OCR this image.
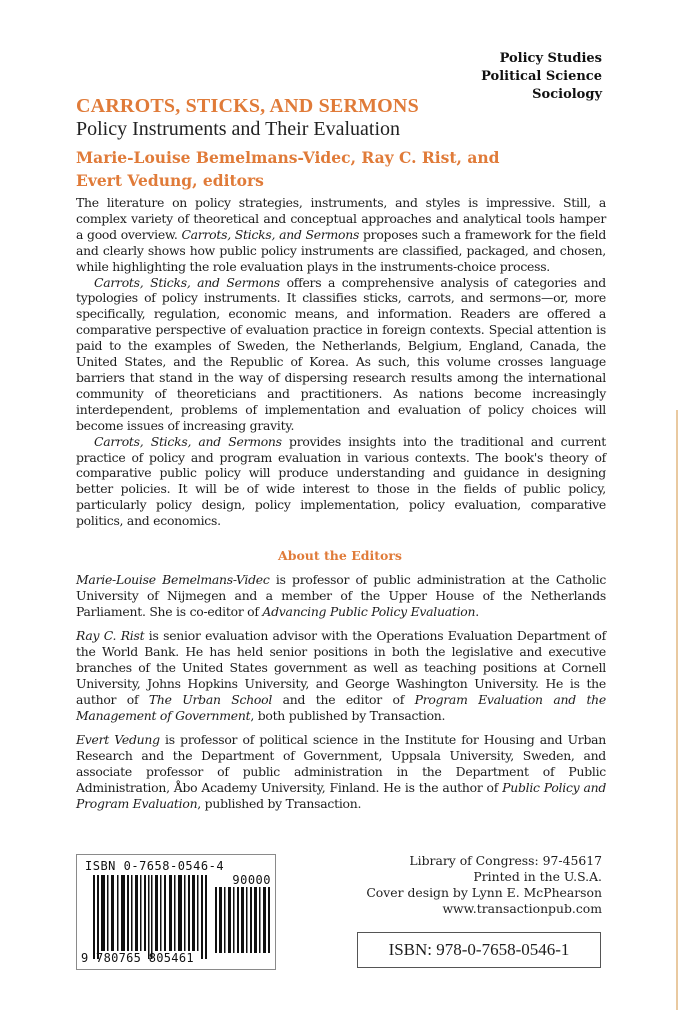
Policy Studies
Political Science
Sociology
CARROTS, STICKS, AND SERMONS
Policy Instruments and Their Evaluation
Marie-Louise Bemelmans-Videc, Ray C. Rist, and
Evert Vedung, editors

The literature on policy strategies, instruments, and styles is impressive. Still, a complex variety of theoretical and conceptual approaches and analytical tools hamper a good overview. Carrots, Sticks, and Sermons proposes such a framework for the field and clearly shows how public policy instruments are classified, packaged, and chosen, while highlighting the role evaluation plays in the instruments-choice process.

Carrots, Sticks, and Sermons offers a comprehensive analysis of categories and typologies of policy instruments. It classifies sticks, carrots, and sermons—or, more specifically, regulation, economic means, and information. Readers are offered a comparative perspective of evaluation practice in foreign contexts. Special attention is paid to the examples of Sweden, the Netherlands, Belgium, England, Canada, the United States, and the Republic of Korea. As such, this volume crosses language barriers that stand in the way of dispersing research results among the international community of theoreticians and practitioners. As nations become increasingly interdependent, problems of implementation and evaluation of policy choices will become issues of increasing gravity.

Carrots, Sticks, and Sermons provides insights into the traditional and current practice of policy and program evaluation in various contexts. The book's theory of comparative public policy will produce understanding and guidance in designing better policies. It will be of wide interest to those in the fields of public policy, particularly policy design, policy implementation, policy evaluation, comparative politics, and economics.

About the Editors

Marie-Louise Bemelmans-Videc is professor of public administration at the Catholic University of Nijmegen and a member of the Upper House of the Netherlands Parliament. She is co-editor of Advancing Public Policy Evaluation.

Ray C. Rist is senior evaluation advisor with the Operations Evaluation Department of the World Bank. He has held senior positions in both the legislative and executive branches of the United States government as well as teaching positions at Cornell University, Johns Hopkins University, and George Washington University. He is the author of The Urban School and the editor of Program Evaluation and the Management of Government, both published by Transaction.

Evert Vedung is professor of political science in the Institute for Housing and Urban Research and the Department of Government, Uppsala University, Sweden, and associate professor of public administration in the Department of Public Administration, Åbo Academy University, Finland. He is the author of Public Policy and Program Evaluation, published by Transaction.

ISBN 0-7658-0546-4
90000
9 780765 805461
Library of Congress: 97-45617
Printed in the U.S.A.
Cover design by Lynn E. McPhearson
www.transactionpub.com
ISBN: 978-0-7658-0546-1
